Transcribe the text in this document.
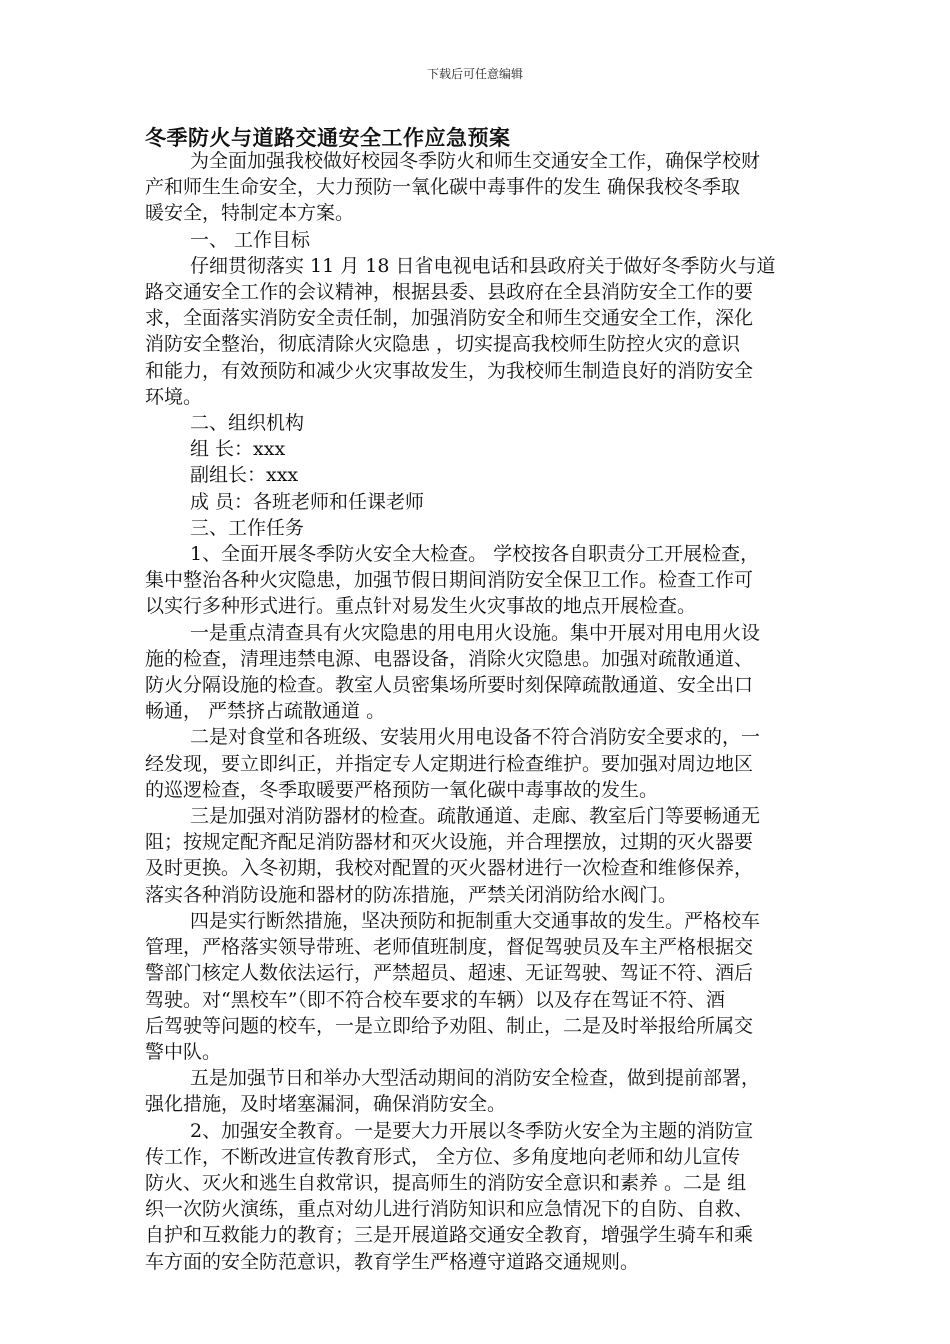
下载后可任意编辑
冬季防火与道路交通安全工作应急预案
为全面加强我校做好校园冬季防火和师生交通安全工作，确保学校财
产和师生生命安全，大力预防一氧化碳中毒事件的发生 确保我校冬季取
暖安全，特制定本方案。
一、 工作目标
仔细贯彻落实 11 月 18 日省电视电话和县政府关于做好冬季防火与道
路交通安全工作的会议精神，根据县委、县政府在全县消防安全工作的要
求，全面落实消防安全责任制，加强消防安全和师生交通安全工作，深化
消防安全整治，彻底清除火灾隐患 ，切实提高我校师生防控火灾的意识
和能力，有效预防和减少火灾事故发生，为我校师生制造良好的消防安全
环境。
二、组织机构
组 长：xxx
副组长：xxx
成 员：各班老师和任课老师
三、工作任务
1、全面开展冬季防火安全大检查。 学校按各自职责分工开展检查，
集中整治各种火灾隐患，加强节假日期间消防安全保卫工作。检查工作可
以实行多种形式进行。重点针对易发生火灾事故的地点开展检查。
一是重点清查具有火灾隐患的用电用火设施。集中开展对用电用火设
施的检查，清理违禁电源、电器设备，消除火灾隐患。加强对疏散通道、
防火分隔设施的检查。教室人员密集场所要时刻保障疏散通道、安全出口
畅通， 严禁挤占疏散通道 。
二是对食堂和各班级、安装用火用电设备不符合消防安全要求的，一
经发现，要立即纠正，并指定专人定期进行检查维护。要加强对周边地区
的巡逻检查，冬季取暖要严格预防一氧化碳中毒事故的发生。
三是加强对消防器材的检查。疏散通道、走廊、教室后门等要畅通无
阻；按规定配齐配足消防器材和灭火设施，并合理摆放，过期的灭火器要
及时更换。入冬初期，我校对配置的灭火器材进行一次检查和维修保养，
落实各种消防设施和器材的防冻措施，严禁关闭消防给水阀门。
四是实行断然措施，坚决预防和扼制重大交通事故的发生。严格校车
管理，严格落实领导带班、老师值班制度，督促驾驶员及车主严格根据交
警部门核定人数依法运行，严禁超员、超速、无证驾驶、驾证不符、酒后
驾驶。对“黑校车”（即不符合校车要求的车辆）以及存在驾证不符、酒
后驾驶等问题的校车，一是立即给予劝阻、制止，二是及时举报给所属交
警中队。
五是加强节日和举办大型活动期间的消防安全检查，做到提前部署，
强化措施，及时堵塞漏洞，确保消防安全。
2、加强安全教育。一是要大力开展以冬季防火安全为主题的消防宣
传工作，不断改进宣传教育形式， 全方位、多角度地向老师和幼儿宣传
防火、灭火和逃生自救常识，提高师生的消防安全意识和素养 。二是 组
织一次防火演练，重点对幼儿进行消防知识和应急情况下的自防、自救、
自护和互救能力的教育；三是开展道路交通安全教育，增强学生骑车和乘
车方面的安全防范意识，教育学生严格遵守道路交通规则。
